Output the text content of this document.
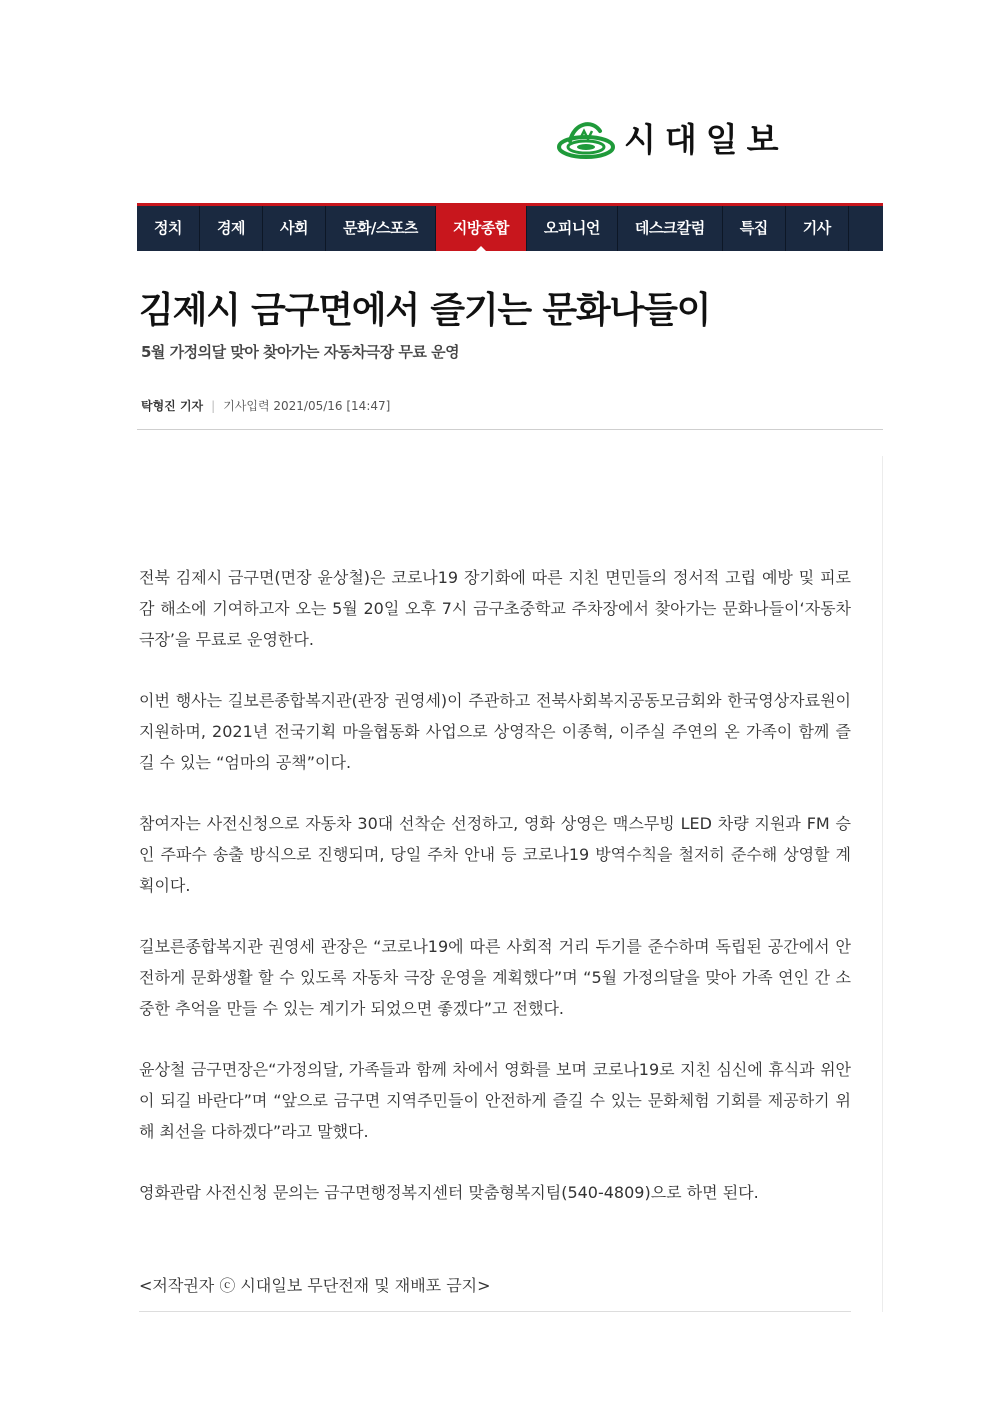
시대일보
정치	경제	사회	문화/스포츠	지방종합	오피니언	데스크칼럼	특집	기사
김제시 금구면에서 즐기는 문화나들이
5월 가정의달 맞아 찾아가는 자동차극장 무료 운영
탁형진 기자 | 기사입력 2021/05/16 [14:47]

전북 김제시 금구면(면장 윤상철)은 코로나19 장기화에 따른 지친 면민들의 정서적 고립 예방 및 피로감 해소에 기여하고자 오는 5월 20일 오후 7시 금구초중학교 주차장에서 찾아가는 문화나들이‘자동차극장’을 무료로 운영한다.

이번 행사는 길보른종합복지관(관장 권영세)이 주관하고 전북사회복지공동모금회와 한국영상자료원이 지원하며, 2021년 전국기획 마을협동화 사업으로 상영작은 이종혁, 이주실 주연의 온 가족이 함께 즐길 수 있는 “엄마의 공책”이다.

참여자는 사전신청으로 자동차 30대 선착순 선정하고, 영화 상영은 맥스무빙 LED 차량 지원과 FM 승인 주파수 송출 방식으로 진행되며, 당일 주차 안내 등 코로나19 방역수칙을 철저히 준수해 상영할 계획이다.

길보른종합복지관 권영세 관장은 “코로나19에 따른 사회적 거리 두기를 준수하며 독립된 공간에서 안전하게 문화생활 할 수 있도록 자동차 극장 운영을 계획했다”며 “5월 가정의달을 맞아 가족 연인 간 소중한 추억을 만들 수 있는 계기가 되었으면 좋겠다”고 전했다.

윤상철 금구면장은“가정의달, 가족들과 함께 차에서 영화를 보며 코로나19로 지친 심신에 휴식과 위안이 되길 바란다”며 “앞으로 금구면 지역주민들이 안전하게 즐길 수 있는 문화체험 기회를 제공하기 위해 최선을 다하겠다”라고 말했다.

영화관람 사전신청 문의는 금구면행정복지센터 맞춤형복지팀(540-4809)으로 하면 된다.

<저작권자 ⓒ 시대일보 무단전재 및 재배포 금지>
